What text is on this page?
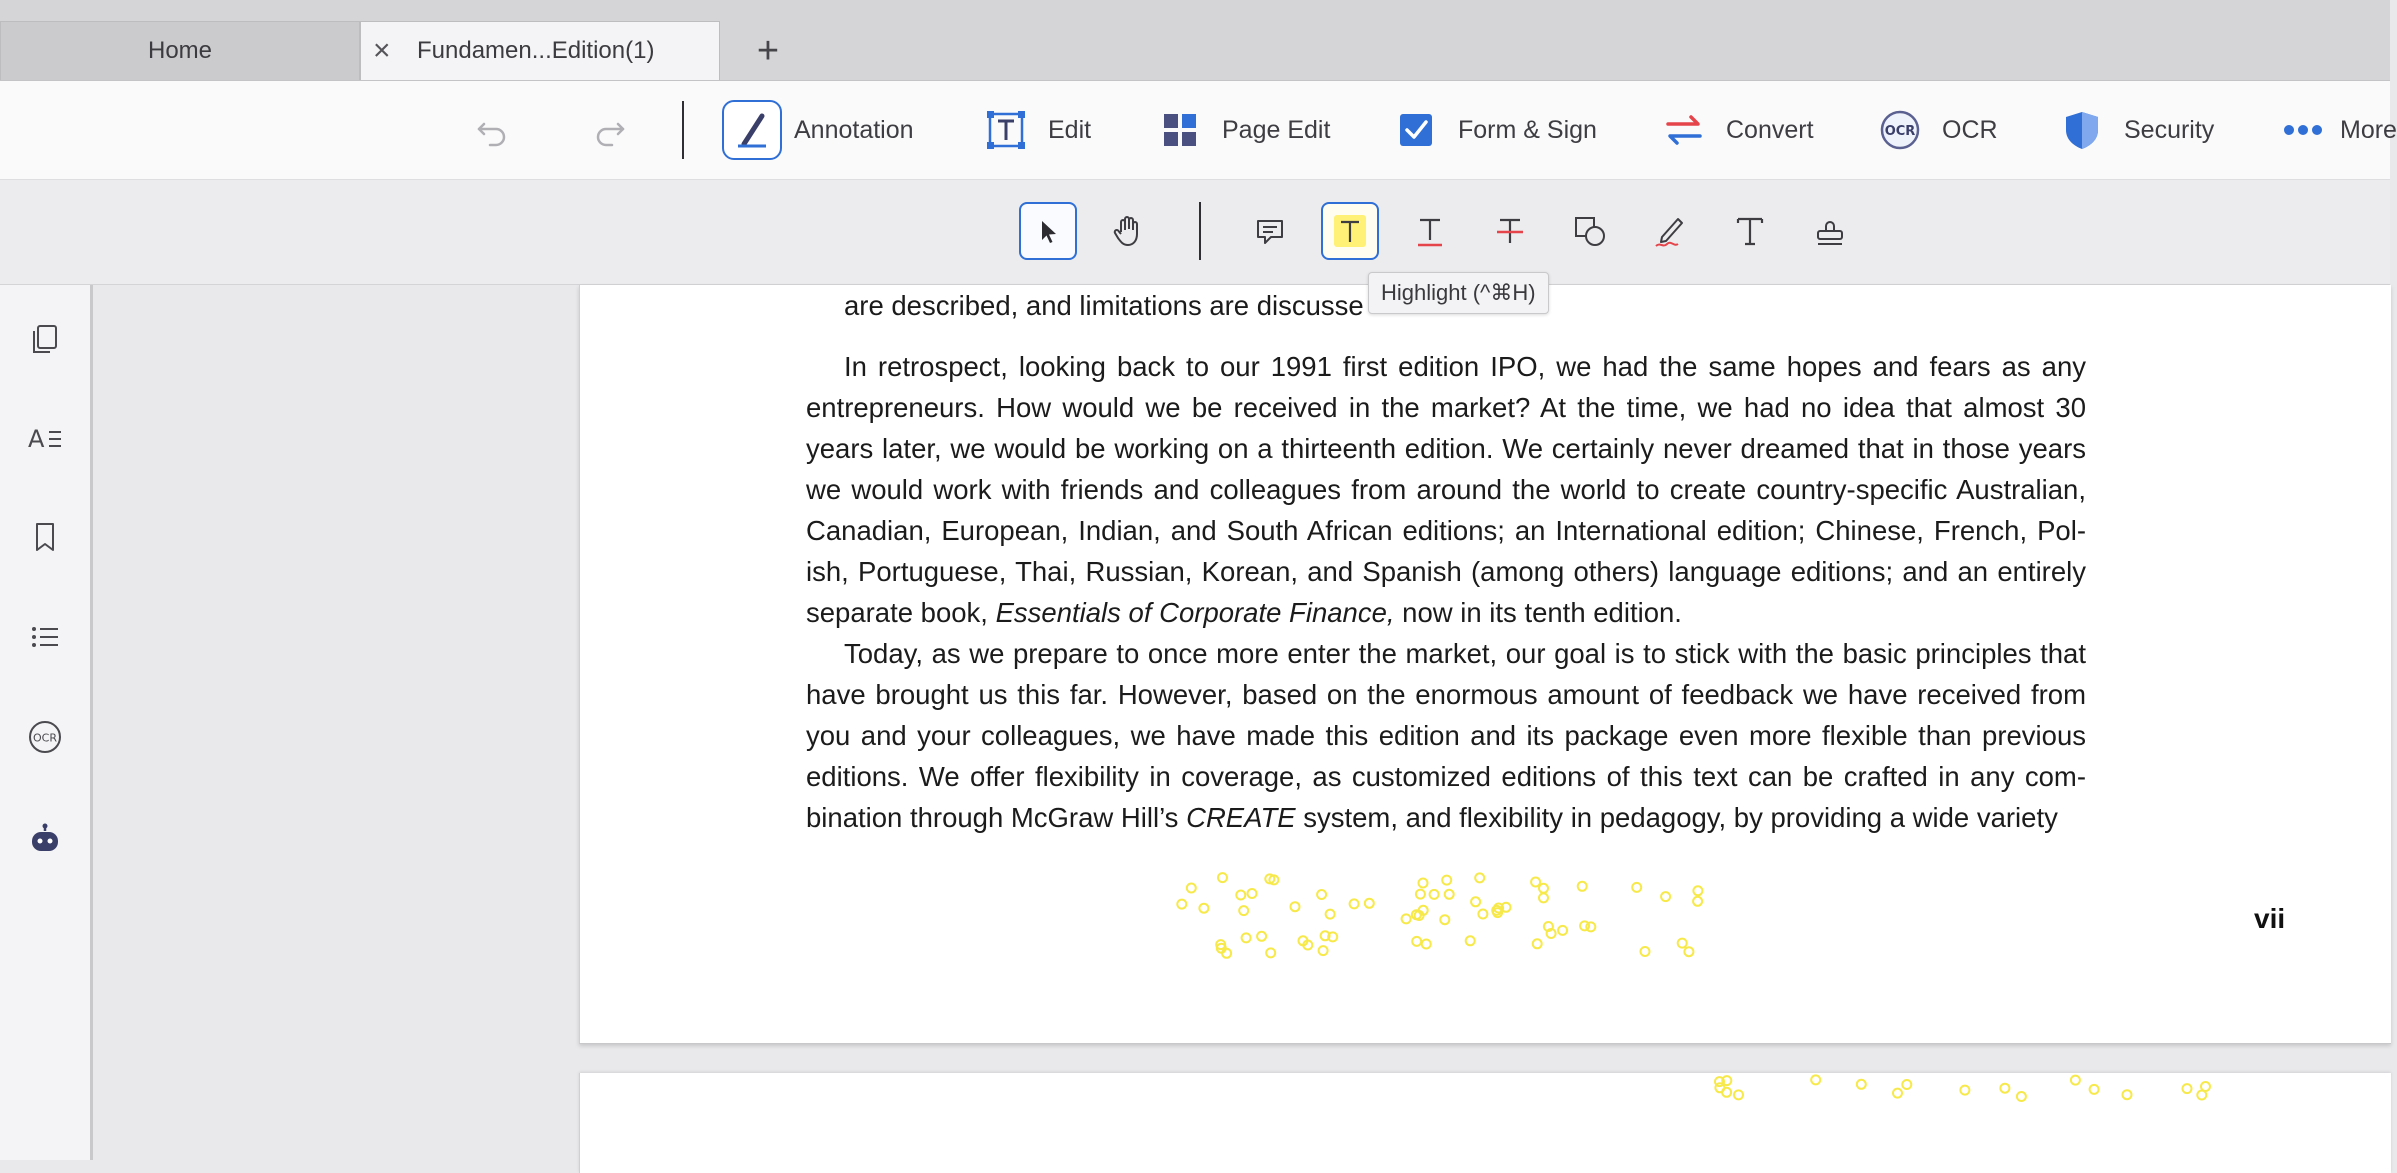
Home	×	Fundamen...Edition(1)	+
Annotation	Edit	Page Edit	Form & Sign	Convert	OCR OCR	Security	More
Highlight (^⌘H)
A
OCR
are described, and limitations are discusse
In retrospect, looking back to our 1991 first edition IPO, we had the same hopes and fears as any entrepreneurs. How would we be received in the market? At the time, we had no idea that almost 30 years later, we would be working on a thirteenth edition. We certainly never dreamed that in those years we would work with friends and colleagues from around the world to create country-specific Australian, Canadian, European, Indian, and South African editions; an International edition; Chinese, French, Pol-ish, Portuguese, Thai, Russian, Korean, and Spanish (among others) language editions; and an entirely separate book, Essentials of Corporate Finance, now in its tenth edition.
Today, as we prepare to once more enter the market, our goal is to stick with the basic principles that have brought us this far. However, based on the enormous amount of feedback we have received from you and your colleagues, we have made this edition and its package even more flexible than previous editions. We offer flexibility in coverage, as customized editions of this text can be crafted in any com-bination through McGraw Hill’s CREATE system, and flexibility in pedagogy, by providing a wide variety
vii
